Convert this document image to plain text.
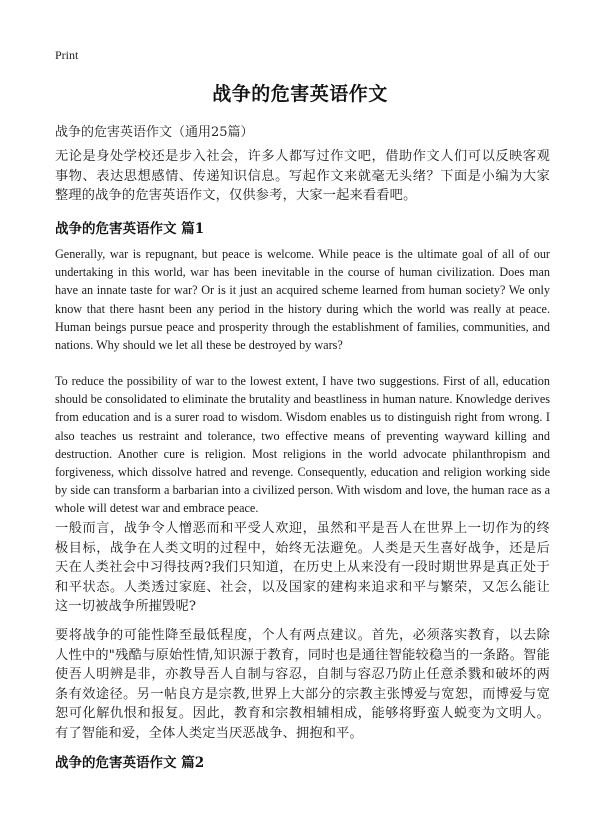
Print
战争的危害英语作文
战争的危害英语作文（通用25篇）
无论是身处学校还是步入社会，许多人都写过作文吧，借助作文人们可以反映客观事物、表达思想感情、传递知识信息。写起作文来就毫无头绪？下面是小编为大家整理的战争的危害英语作文，仅供参考，大家一起来看看吧。
战争的危害英语作文 篇1
Generally, war is repugnant, but peace is welcome. While peace is the ultimate goal of all of our undertaking in this world, war has been inevitable in the course of human civilization. Does man have an innate taste for war? Or is it just an acquired scheme learned from human society? We only know that there hasnt been any period in the history during which the world was really at peace. Human beings pursue peace and prosperity through the establishment of families, communities, and nations. Why should we let all these be destroyed by wars?
To reduce the possibility of war to the lowest extent, I have two suggestions. First of all, education should be consolidated to eliminate the brutality and beastliness in human nature. Knowledge derives from education and is a surer road to wisdom. Wisdom enables us to distinguish right from wrong. I also teaches us restraint and tolerance, two effective means of preventing wayward killing and destruction. Another cure is religion. Most religions in the world advocate philanthropism and forgiveness, which dissolve hatred and revenge. Consequently, education and religion working side by side can transform a barbarian into a civilized person. With wisdom and love, the human race as a whole will detest war and embrace peace.
一般而言，战争令人憎恶而和平受人欢迎，虽然和平是吾人在世界上一切作为的终极目标，战争在人类文明的过程中，始终无法避免。人类是天生喜好战争，还是后天在人类社会中习得技两?我们只知道，在历史上从来没有一段时期世界是真正处于和平状态。人类透过家庭、社会，以及国家的建构来追求和平与繁荣，又怎么能让这一切被战争所摧毁呢?
要将战争的可能性降至最低程度，个人有两点建议。首先，必须落实教育，以去除人性中的"残酷与原始性情,知识源于教育，同时也是通往智能较稳当的一条路。智能使吾人明辨是非，亦教导吾人自制与容忍，自制与容忍乃防止任意杀戮和破坏的两条有效途径。另一帖良方是宗教,世界上大部分的宗教主张博爱与宽恕，而博爱与宽恕可化解仇恨和报复。因此，教育和宗教相辅相成，能够将野蛮人蜕变为文明人。有了智能和爱，全体人类定当厌恶战争、拥抱和平。
战争的危害英语作文 篇2
